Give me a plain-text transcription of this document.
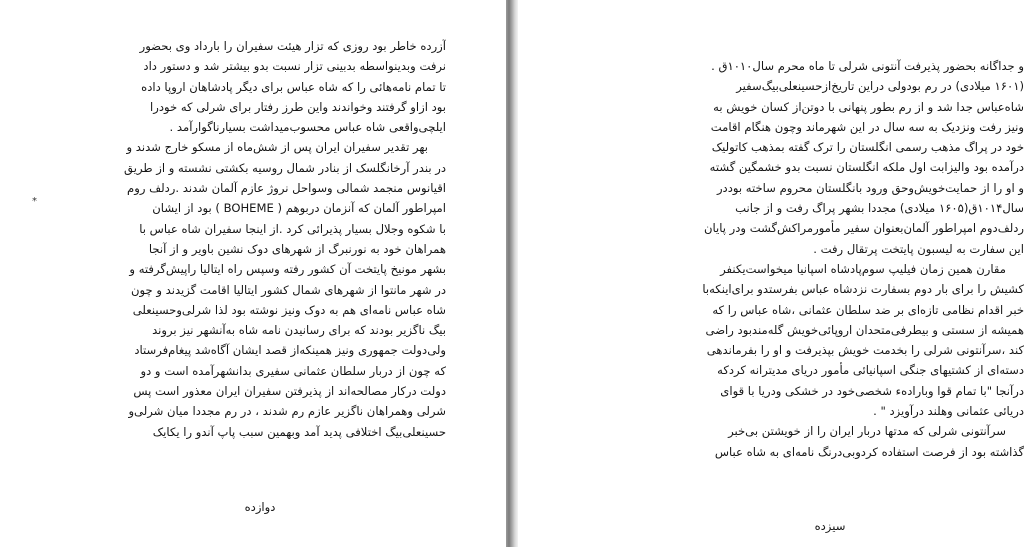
*
آزرده خاطر بود روزی که تزار هیئت سفیران را بارداد وی بحضور
نرفت وبدینواسطه بدبینی تزار نسبت بدو بیشتر شد و دستور داد
تا تمام نامه‌هائی را که شاه عباس برای دیگر پادشاهان اروپا داده
بود ازاو گرفتند وخواندند واین طرز رفتار برای شرلی که خودرا
ایلچی‌واقعی شاه عباس محسوب‌میداشت بسیارناگوارآمد .
بهر تقدیر سفیران ایران پس از شش‌ماه از مسکو خارج شدند و
در بندر آرخانگلسک از بنادر شمال روسیه بکشتی نشسته و از طریق
اقیانوس منجمد شمالی وسواحل نروژ عازم آلمان شدند .ردلف روم
امپراطور آلمان که آنزمان دربوهم ( BOHEME ) بود از ایشان
با شکوه وجلال بسیار پذیرائی کرد .از اینجا سفیران شاه عباس با
همراهان خود به نورنبرگ از شهرهای دوک نشین باویر و از آنجا
بشهر مونیخ پایتخت آن کشور رفته وسپس راه ایتالیا راپیش‌گرفته و
در شهر مانتوا از شهرهای شمال کشور ایتالیا اقامت گزیدند و چون
شاه عباس نامه‌ای هم به دوک ونیز نوشته بود لذا شرلی‌وحسینعلی
بیگ ناگزیر بودند که برای رسانیدن نامه شاه به‌آنشهر نیز بروند
ولی‌دولت جمهوری ونیز همینکه‌از قصد ایشان آگاه‌شد پیغام‌فرستاد
که چون از دربار سلطان عثمانی سفیری بدانشهرآمده است و دو
دولت درکار مصالحه‌اند از پذیرفتن سفیران ایران معذور است پس
شرلی وهمراهان ناگزیر عازم رم شدند ، در رم مجددا میان شرلی‌و
حسینعلی‌بیگ اختلافی پدید آمد وبهمین سبب پاپ آندو را یکایک
دوازده
و جداگانه بحضور پذیرفت آنتونی شرلی تا ماه محرم سال۱۰۱۰ق .
(۱۶۰۱ میلادی) در رم بودولی دراین تاریخ‌ازحسینعلی‌بیگ‌سفیر
شاه‌عباس جدا شد و از رم بطور پنهانی با دوتن‌از کسان خویش به
ونیز رفت ونزدیک به سه سال در این شهرماند وچون هنگام اقامت
خود در پراگ مذهب رسمی انگلستان را ترک گفته بمذهب کاتولیک
درآمده بود والیزابت اول ملکه انگلستان نسبت بدو خشمگین گشته
و او را از حمایت‌خویش‌وحق ورود بانگلستان محروم ساخته بوددر
سال۱۰۱۴ق(۱۶۰۵ میلادی) مجددا بشهر پراگ رفت و از جانب
ردلف‌دوم امپراطور آلمان‌بعنوان سفیر مأمورمراکش‌گشت ودر پایان
این سفارت به لیسبون پایتخت پرتقال رفت .
مقارن همین زمان فیلیپ سوم‌پادشاه اسپانیا میخواست‌یکنفر
کشیش را برای بار دوم بسفارت نزدشاه عباس بفرستدو برای‌اینکه‌با
خبر اقدام نظامی تازه‌ای بر ضد سلطان عثمانی ،شاه عباس را که
همیشه از سستی و بیطرفی‌متحدان اروپائی‌خویش گله‌مندبود راضی
کند ،سرآنتونی شرلی را بخدمت خویش بپذیرفت و او را بفرماندهی
دسته‌ای از کشتیهای جنگی اسپانیائی مأمور دریای مدیترانه کردکه
درآنجا "با تمام قوا وباراده‌ء شخصی‌خود در خشکی ودریا با قوای
دریائی عثمانی وهلند درآویزد " .
سرآنتونی شرلی که مدتها دربار ایران را از خویشتن بی‌خبر
گذاشته بود از فرصت استفاده کردوبی‌درنگ نامه‌ای به شاه عباس
سیزده
